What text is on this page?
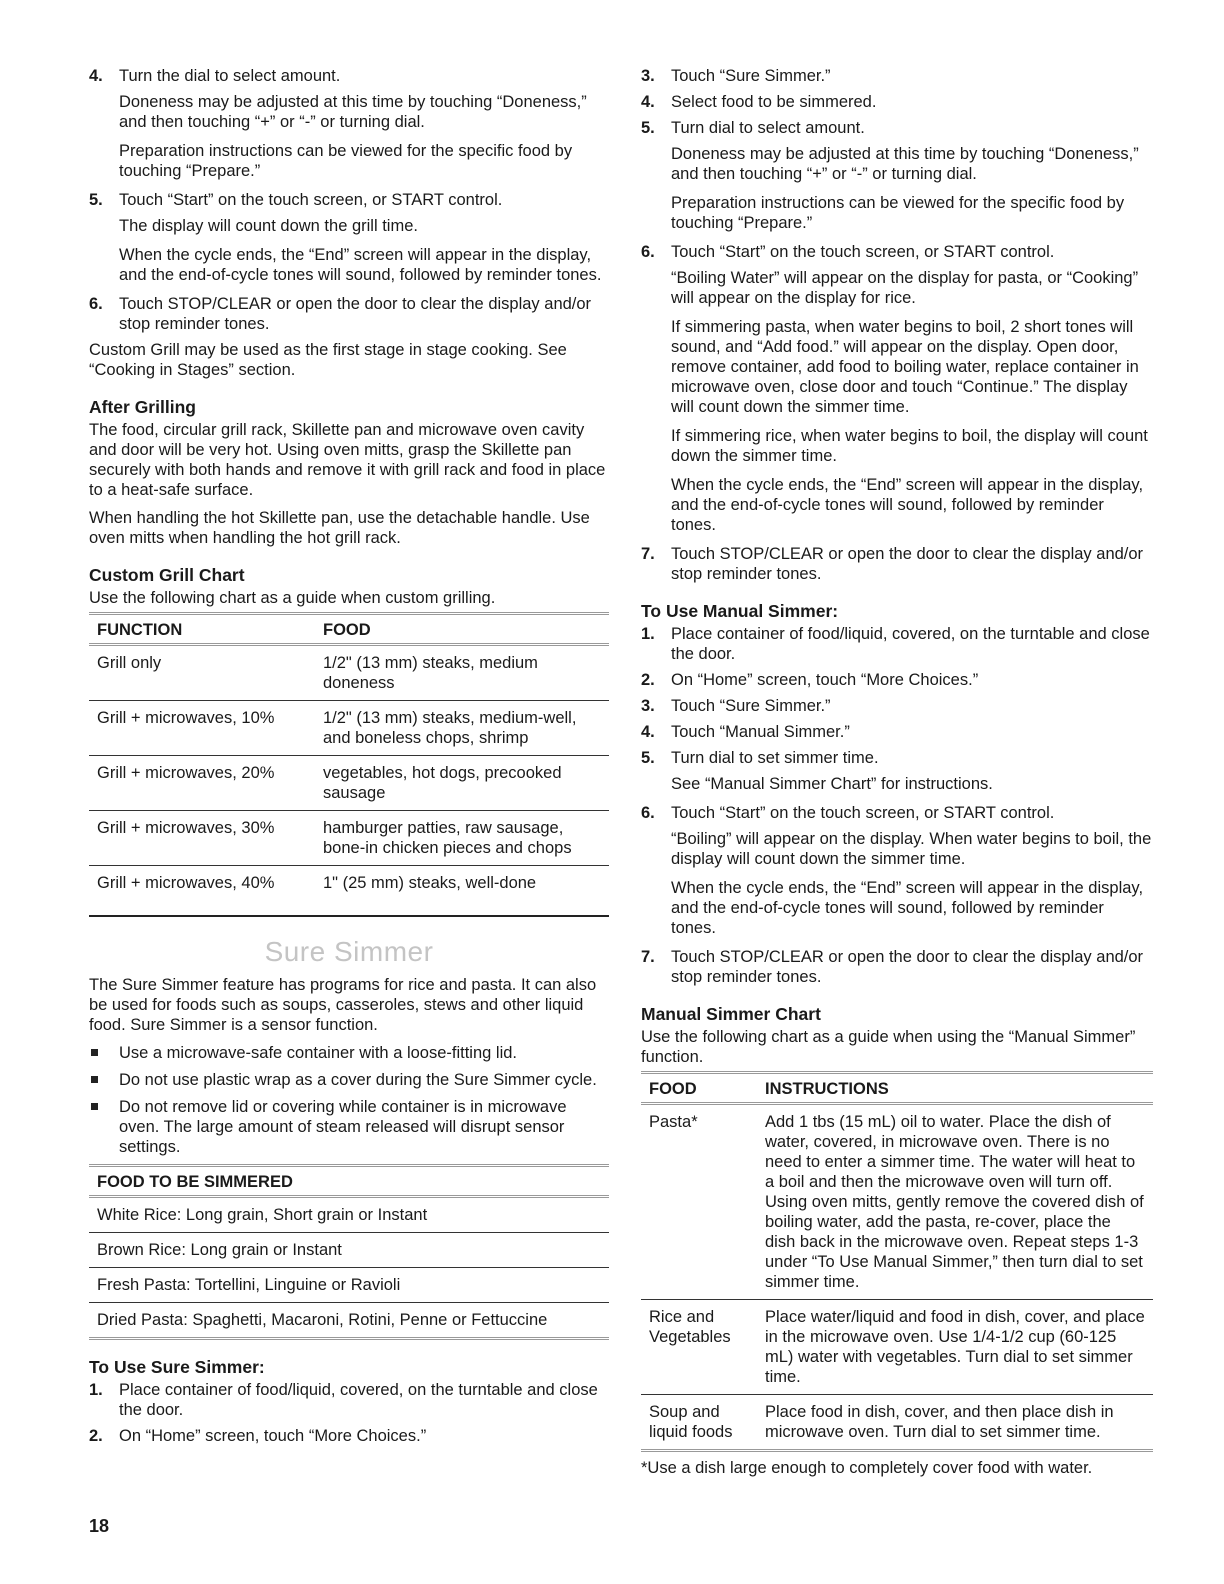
4. Turn the dial to select amount.
Doneness may be adjusted at this time by touching “Doneness,” and then touching “+” or “-” or turning dial.
Preparation instructions can be viewed for the specific food by touching “Prepare.”
5. Touch “Start” on the touch screen, or START control.
The display will count down the grill time.
When the cycle ends, the “End” screen will appear in the display, and the end-of-cycle tones will sound, followed by reminder tones.
6. Touch STOP/CLEAR or open the door to clear the display and/or stop reminder tones.

Custom Grill may be used as the first stage in stage cooking. See “Cooking in Stages” section.

After Grilling

The food, circular grill rack, Skillette pan and microwave oven cavity and door will be very hot. Using oven mitts, grasp the Skillette pan securely with both hands and remove it with grill rack and food in place to a heat-safe surface.

When handling the hot Skillette pan, use the detachable handle. Use oven mitts when handling the hot grill rack.

Custom Grill Chart

Use the following chart as a guide when custom grilling.

FUNCTION	FOOD
Grill only	1/2" (13 mm) steaks, medium doneness
Grill + microwaves, 10%	1/2" (13 mm) steaks, medium-well, and boneless chops, shrimp
Grill + microwaves, 20%	vegetables, hot dogs, precooked sausage
Grill + microwaves, 30%	hamburger patties, raw sausage, bone-in chicken pieces and chops
Grill + microwaves, 40%	1" (25 mm) steaks, well-done
Sure Simmer

The Sure Simmer feature has programs for rice and pasta. It can also be used for foods such as soups, casseroles, stews and other liquid food. Sure Simmer is a sensor function.

Use a microwave-safe container with a loose-fitting lid.
Do not use plastic wrap as a cover during the Sure Simmer cycle.
Do not remove lid or covering while container is in microwave oven. The large amount of steam released will disrupt sensor settings.
FOOD TO BE SIMMERED
White Rice: Long grain, Short grain or Instant
Brown Rice: Long grain or Instant
Fresh Pasta: Tortellini, Linguine or Ravioli
Dried Pasta: Spaghetti, Macaroni, Rotini, Penne or Fettuccine
To Use Sure Simmer:
1. Place container of food/liquid, covered, on the turntable and close the door.
2. On “Home” screen, touch “More Choices.”
3. Touch “Sure Simmer.”
4. Select food to be simmered.
5. Turn dial to select amount.
Doneness may be adjusted at this time by touching “Doneness,” and then touching “+” or “-” or turning dial.
Preparation instructions can be viewed for the specific food by touching “Prepare.”
6. Touch “Start” on the touch screen, or START control.
“Boiling Water” will appear on the display for pasta, or “Cooking” will appear on the display for rice.
If simmering pasta, when water begins to boil, 2 short tones will sound, and “Add food.” will appear on the display. Open door, remove container, add food to boiling water, replace container in microwave oven, close door and touch “Continue.” The display will count down the simmer time.
If simmering rice, when water begins to boil, the display will count down the simmer time.
When the cycle ends, the “End” screen will appear in the display, and the end-of-cycle tones will sound, followed by reminder tones.
7. Touch STOP/CLEAR or open the door to clear the display and/or stop reminder tones.
To Use Manual Simmer:
1. Place container of food/liquid, covered, on the turntable and close the door.
2. On “Home” screen, touch “More Choices.”
3. Touch “Sure Simmer.”
4. Touch “Manual Simmer.”
5. Turn dial to set simmer time.
See “Manual Simmer Chart” for instructions.
6. Touch “Start” on the touch screen, or START control.
“Boiling” will appear on the display. When water begins to boil, the display will count down the simmer time.
When the cycle ends, the “End” screen will appear in the display, and the end-of-cycle tones will sound, followed by reminder tones.
7. Touch STOP/CLEAR or open the door to clear the display and/or stop reminder tones.
Manual Simmer Chart

Use the following chart as a guide when using the “Manual Simmer” function.

FOOD	INSTRUCTIONS
Pasta*	Add 1 tbs (15 mL) oil to water. Place the dish of water, covered, in microwave oven. There is no need to enter a simmer time. The water will heat to a boil and then the microwave oven will turn off. Using oven mitts, gently remove the covered dish of boiling water, add the pasta, re-cover, place the dish back in the microwave oven. Repeat steps 1-3 under “To Use Manual Simmer,” then turn dial to set simmer time.
Rice and Vegetables	Place water/liquid and food in dish, cover, and place in the microwave oven. Use 1/4-1/2 cup (60-125 mL) water with vegetables. Turn dial to set simmer time.
Soup and liquid foods	Place food in dish, cover, and then place dish in microwave oven. Turn dial to set simmer time.

*Use a dish large enough to completely cover food with water.

18
